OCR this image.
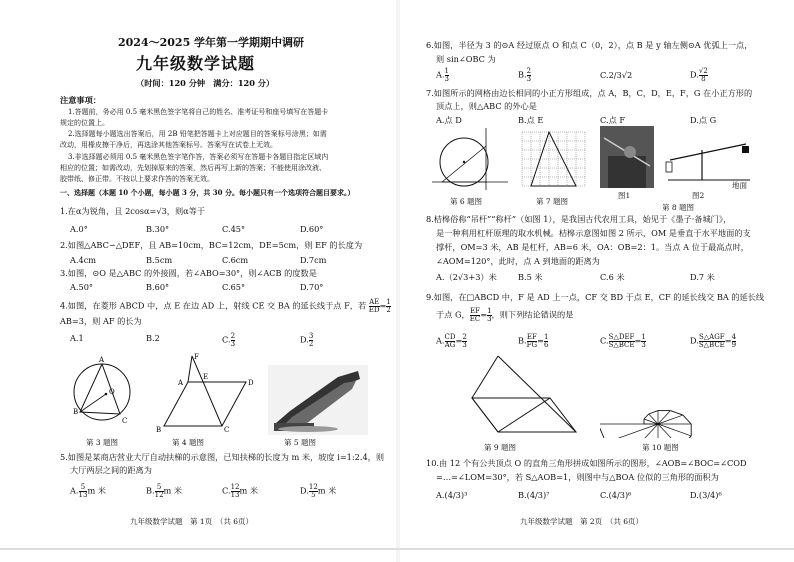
2024～2025 学年第一学期期中调研
九年级数学试题
（时间：120 分钟　满分：120 分）
注意事项：
1.答题前，务必用 0.5 毫米黑色签字笔将自己的姓名、准考证号和座号填写在答题卡
规定的位置上。
2.选择题每小题选出答案后，用 2B 铅笔把答题卡上对应题目的答案标号涂黑；如需
改动，用橡皮擦干净后，再选涂其他答案标号。答案写在试卷上无效。
3.非选择题必须用 0.5 毫米黑色签字笔作答，答案必须写在答题卡各题目指定区域内
相应的位置；如需改动，先划掉原来的答案，然后再写上新的答案；不能使用涂改液、
胶带纸、修正带。不按以上要求作答的答案无效。
一、选择题（本题 10 个小题，每小题 3 分，共 30 分。每小题只有一个选项符合题目要求。）
1.在α为锐角，且 2cosα=√3，则α等于
A.0°	B.30°	C.45°	D.60°
2.如图△ABC∽△DEF，且 AB=10cm，BC=12cm，DE=5cm，则 EF 的长度为
A.4cm	B.5cm	C.6cm	D.7cm
3.如图，⊙O 是△ABC 的外接圆，若∠ABO=30°，则∠ACB 的度数是
A.50°	B.60°	C.65°	D.70°
4.如图，在菱形 ABCD 中，点 E 在边 AD 上，射线 CE 交 BA 的延长线于点 F，若 $\frac{AE}{ED} = \frac{1}{2}$
AB=3，则 AF 的长为
A.1	B.2	C. $\frac{2}{3}$	D. $\frac{3}{2}$
A
B
O
C
F
A
E
D
B	C
第 3 题图	第 4 题图	第 5 题图
5.如图是某商店营业大厅自动扶梯的示意图，已知扶梯的长度为 m 米，坡度 i=1:2.4，则
大厅两层之间的距离为
A. $\frac{5}{13}$ m 米	B. $\frac{5}{12}$ m 米	C. $\frac{12}{13}$ m 米	D. $\frac{12}{5}$ m 米
九年级数学试题　第 1页　（共 6页）
6.如图，半径为 3 的⊙A 经过原点 O 和点 C（0，2），点 B 是 y 轴左侧⊙A 优弧上一点，
则 sin∠OBC 为
A. $\frac{1}{3}$	B. $\frac{2}{3}$	C.2/3√2	D. $\frac{√2}{8}$
7.如图所示的网格由边长相同的小正方形组成，点 A，B，C，D，E，F，G 在小正方形的
顶点上，则△ABC 的外心是
A.点 D	B.点 E	C.点 F	D.点 G
第 6 题图	第 7 题图
图1	图2
地面
第 8 题图
8.桔槔俗称“吊杆”“称杆”（如图 1），是我国古代农用工具，始见于《墨子·备城门》，
是一种利用杠杆原理的取水机械。桔槔示意图如图 2 所示，OM 是垂直于水平地面的支
撑杆，OM=3 米，AB 是杠杆，AB=6 米，OA：OB=2：1。当点 A 位于最高点时，
∠AOM=120°，此时，点 A 到地面的距离为
A.（2√3+3）米	B.5 米	C.6 米	D.7 米
9.如图，在□ABCD 中，F 是 AD 上一点，CF 交 BD 于点 E，CF 的延长线交 BA 的延长线
于点 G， $\frac{EF}{EC} = \frac{1}{3}$ ，则下列结论错误的是
A. $\frac{CD}{AG} = \frac{2}{3}$	B. $\frac{EF}{FG} = \frac{1}{6}$	C. $\frac{\text{S△DEF}}{\text{S△BCE}} = \frac{1}{3}$	D. $\frac{\text{S△AGF}}{\text{S△BCE}} = \frac{4}{9}$
第 9 题图	第 10 题图
10.由 12 个有公共顶点 O 的直角三角形拼成如图所示的图形，∠AOB=∠BOC=∠COD
=…=∠LOM=30°，若 S△AOB=1，则图中与△BOA 位似的三角形的面积为
A.(4/3)³	B.(4/3)⁷	C.(4/3)⁶	D.(3/4)⁶
九年级数学试题　第 2页　（共 6页）
